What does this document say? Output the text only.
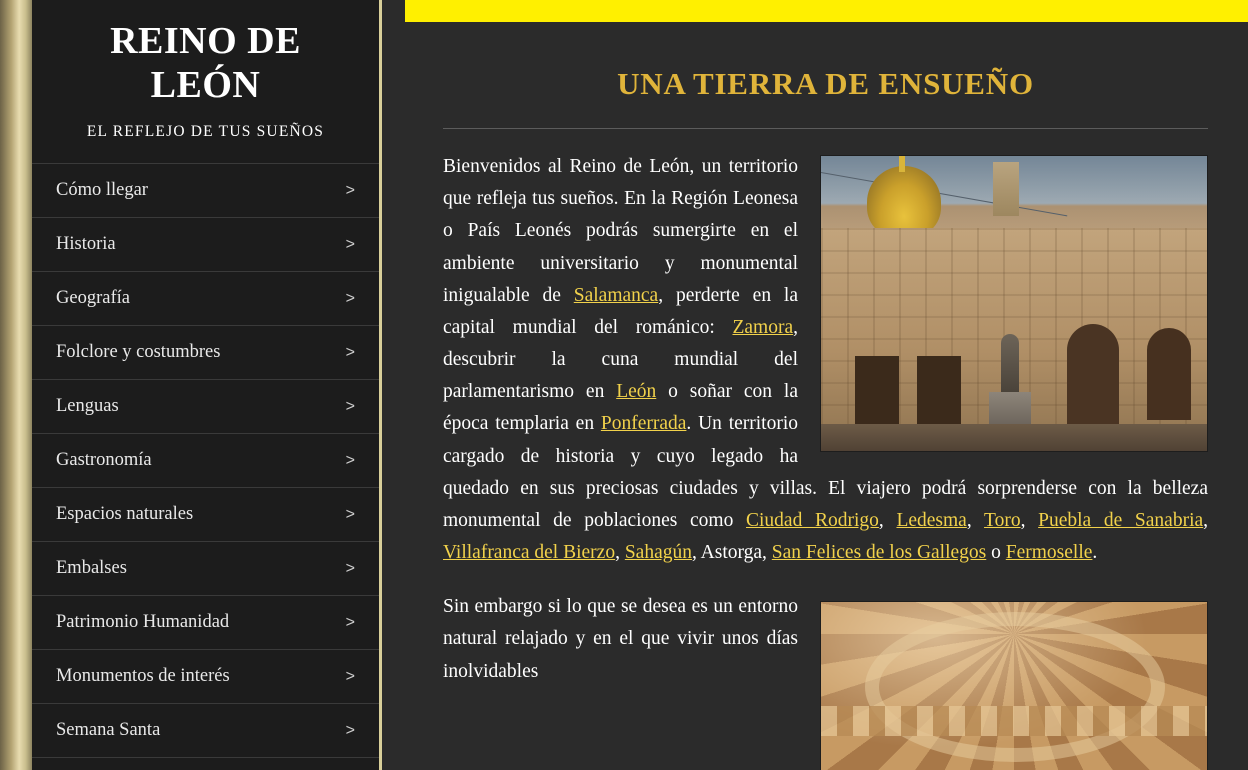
REINO DE LEÓN
EL REFLEJO DE TUS SUEÑOS
Cómo llegar	>
Historia	>
Geografía	>
Folclore y costumbres	>
Lenguas	>
Gastronomía	>
Espacios naturales	>
Embalses	>
Patrimonio Humanidad	>
Monumentos de interés	>
Semana Santa	>
UNA TIERRA DE ENSUEÑO
Bienvenidos al Reino de León, un territorio que refleja tus sueños. En la Región Leonesa o País Leonés podrás sumergirte en el ambiente universitario y monumental inigualable de Salamanca, perderte en la capital mundial del románico: Zamora, descubrir la cuna mundial del parlamentarismo en León o soñar con la época templaria en Ponferrada. Un territorio cargado de historia y cuyo legado ha quedado en sus preciosas ciudades y villas. El viajero podrá sorprenderse con la belleza monumental de poblaciones como Ciudad Rodrigo, Ledesma, Toro, Puebla de Sanabria, Villafranca del Bierzo, Sahagún, Astorga, San Felices de los Gallegos o Fermoselle.
Sin embargo si lo que se desea es un entorno natural relajado y en el que vivir unos días inolvidables
